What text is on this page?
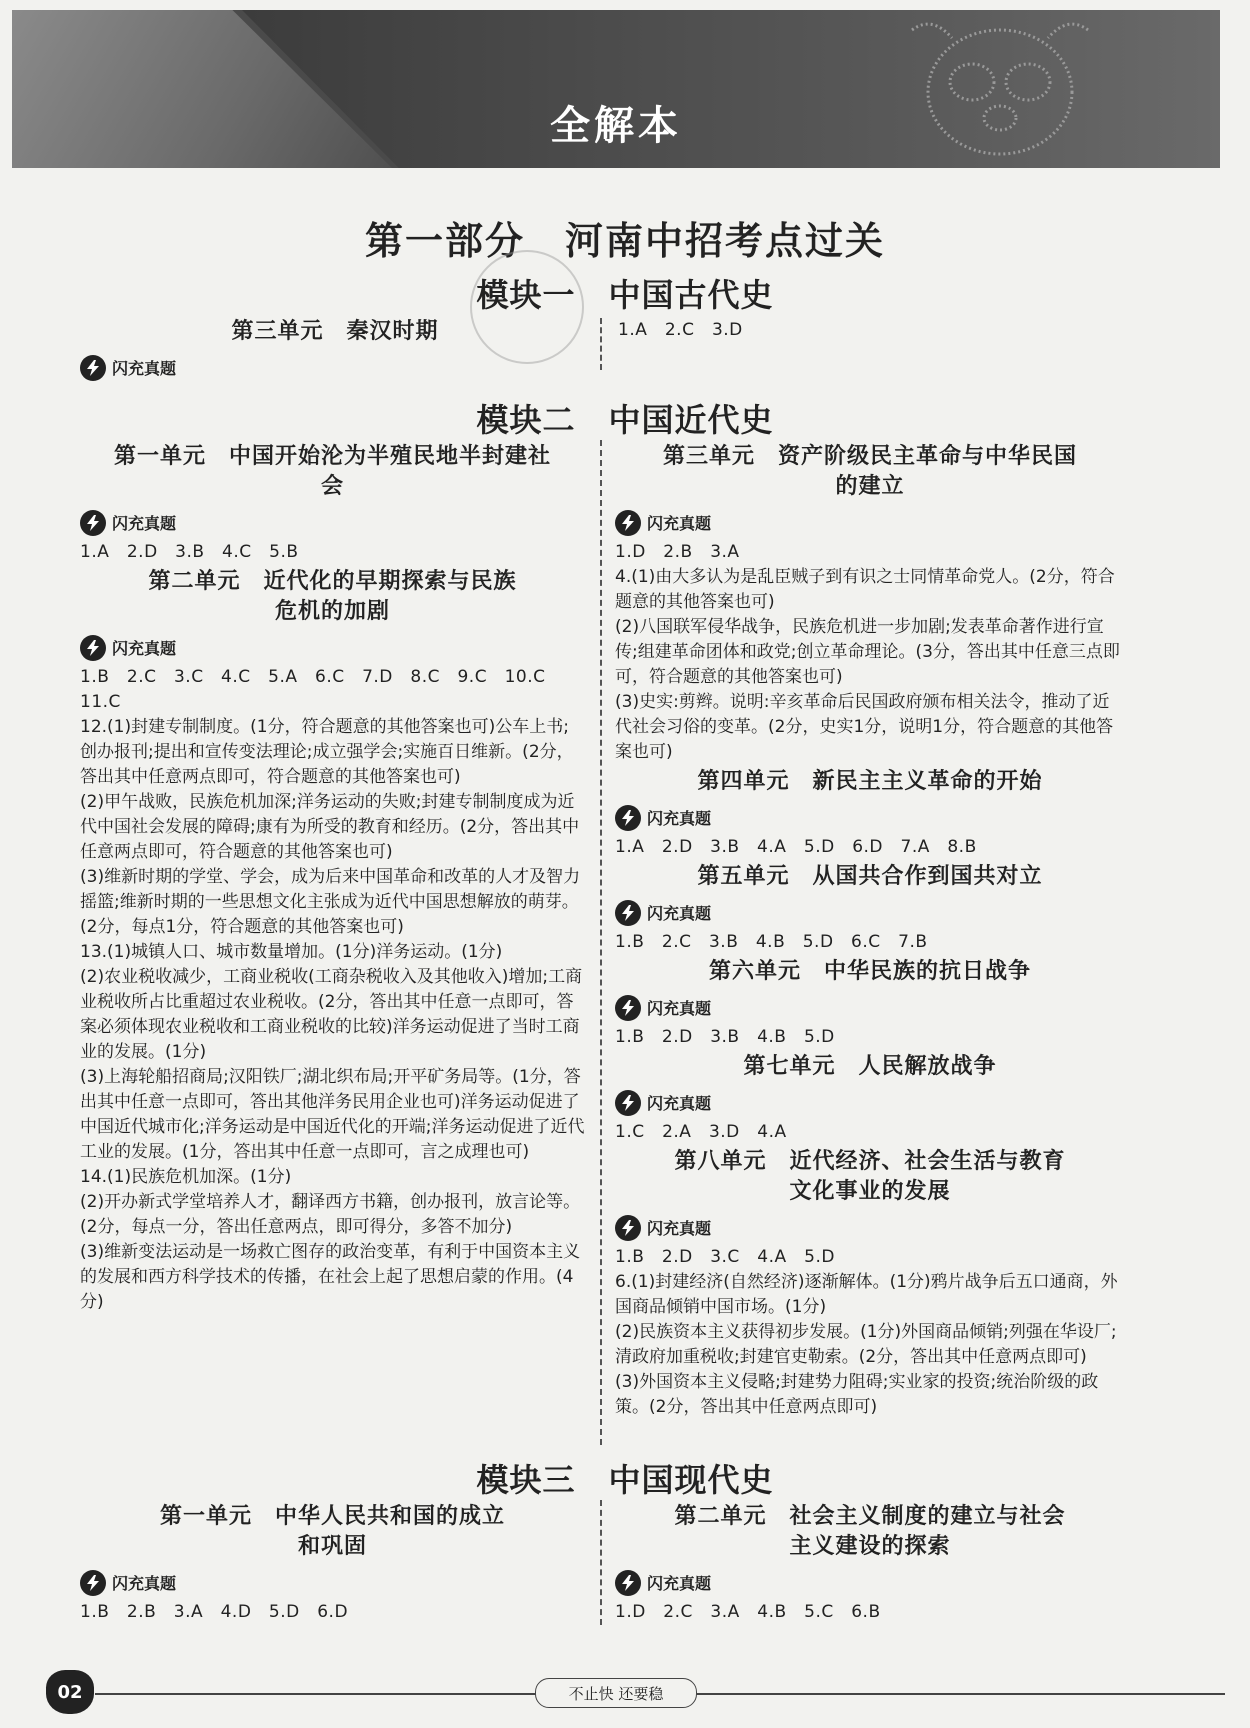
全解本
第一部分　河南中招考点过关
模块一　中国古代史
第三单元　秦汉时期
闪充真题
1.A　2.C　3.D
模块二　中国近代史
第一单元　中国开始沦为半殖民地半封建社会
闪充真题
1.A　2.D　3.B　4.C　5.B
第二单元　近代化的早期探索与民族危机的加剧
闪充真题
1.B　2.C　3.C　4.C　5.A　6.C　7.D　8.C　9.C　10.C
11.C
12.(1)封建专制制度。(1分，符合题意的其他答案也可)公车上书;创办报刊;提出和宣传变法理论;成立强学会;实施百日维新。(2分，答出其中任意两点即可，符合题意的其他答案也可)
(2)甲午战败，民族危机加深;洋务运动的失败;封建专制制度成为近代中国社会发展的障碍;康有为所受的教育和经历。(2分，答出其中任意两点即可，符合题意的其他答案也可)
(3)维新时期的学堂、学会，成为后来中国革命和改革的人才及智力摇篮;维新时期的一些思想文化主张成为近代中国思想解放的萌芽。(2分，每点1分，符合题意的其他答案也可)
13.(1)城镇人口、城市数量增加。(1分)洋务运动。(1分)
(2)农业税收减少，工商业税收(工商杂税收入及其他收入)增加;工商业税收所占比重超过农业税收。(2分，答出其中任意一点即可，答案必须体现农业税收和工商业税收的比较)洋务运动促进了当时工商业的发展。(1分)
(3)上海轮船招商局;汉阳铁厂;湖北织布局;开平矿务局等。(1分，答出其中任意一点即可，答出其他洋务民用企业也可)洋务运动促进了中国近代城市化;洋务运动是中国近代化的开端;洋务运动促进了近代工业的发展。(1分，答出其中任意一点即可，言之成理也可)
14.(1)民族危机加深。(1分)
(2)开办新式学堂培养人才，翻译西方书籍，创办报刊，放言论等。(2分，每点一分，答出任意两点，即可得分，多答不加分)
(3)维新变法运动是一场救亡图存的政治变革，有利于中国资本主义的发展和西方科学技术的传播，在社会上起了思想启蒙的作用。(4分)
第三单元　资产阶级民主革命与中华民国的建立
闪充真题
1.D　2.B　3.A
4.(1)由大多认为是乱臣贼子到有识之士同情革命党人。(2分，符合题意的其他答案也可)
(2)八国联军侵华战争，民族危机进一步加剧;发表革命著作进行宣传;组建革命团体和政党;创立革命理论。(3分，答出其中任意三点即可，符合题意的其他答案也可)
(3)史实:剪辫。说明:辛亥革命后民国政府颁布相关法令，推动了近代社会习俗的变革。(2分，史实1分，说明1分，符合题意的其他答案也可)
第四单元　新民主主义革命的开始
闪充真题
1.A　2.D　3.B　4.A　5.D　6.D　7.A　8.B
第五单元　从国共合作到国共对立
闪充真题
1.B　2.C　3.B　4.B　5.D　6.C　7.B
第六单元　中华民族的抗日战争
闪充真题
1.B　2.D　3.B　4.B　5.D
第七单元　人民解放战争
闪充真题
1.C　2.A　3.D　4.A
第八单元　近代经济、社会生活与教育文化事业的发展
闪充真题
1.B　2.D　3.C　4.A　5.D
6.(1)封建经济(自然经济)逐渐解体。(1分)鸦片战争后五口通商，外国商品倾销中国市场。(1分)
(2)民族资本主义获得初步发展。(1分)外国商品倾销;列强在华设厂;清政府加重税收;封建官吏勒索。(2分，答出其中任意两点即可)
(3)外国资本主义侵略;封建势力阻碍;实业家的投资;统治阶级的政策。(2分，答出其中任意两点即可)
模块三　中国现代史
第一单元　中华人民共和国的成立和巩固
闪充真题
1.B　2.B　3.A　4.D　5.D　6.D
第二单元　社会主义制度的建立与社会主义建设的探索
闪充真题
1.D　2.C　3.A　4.B　5.C　6.B
02	不止快 还要稳
